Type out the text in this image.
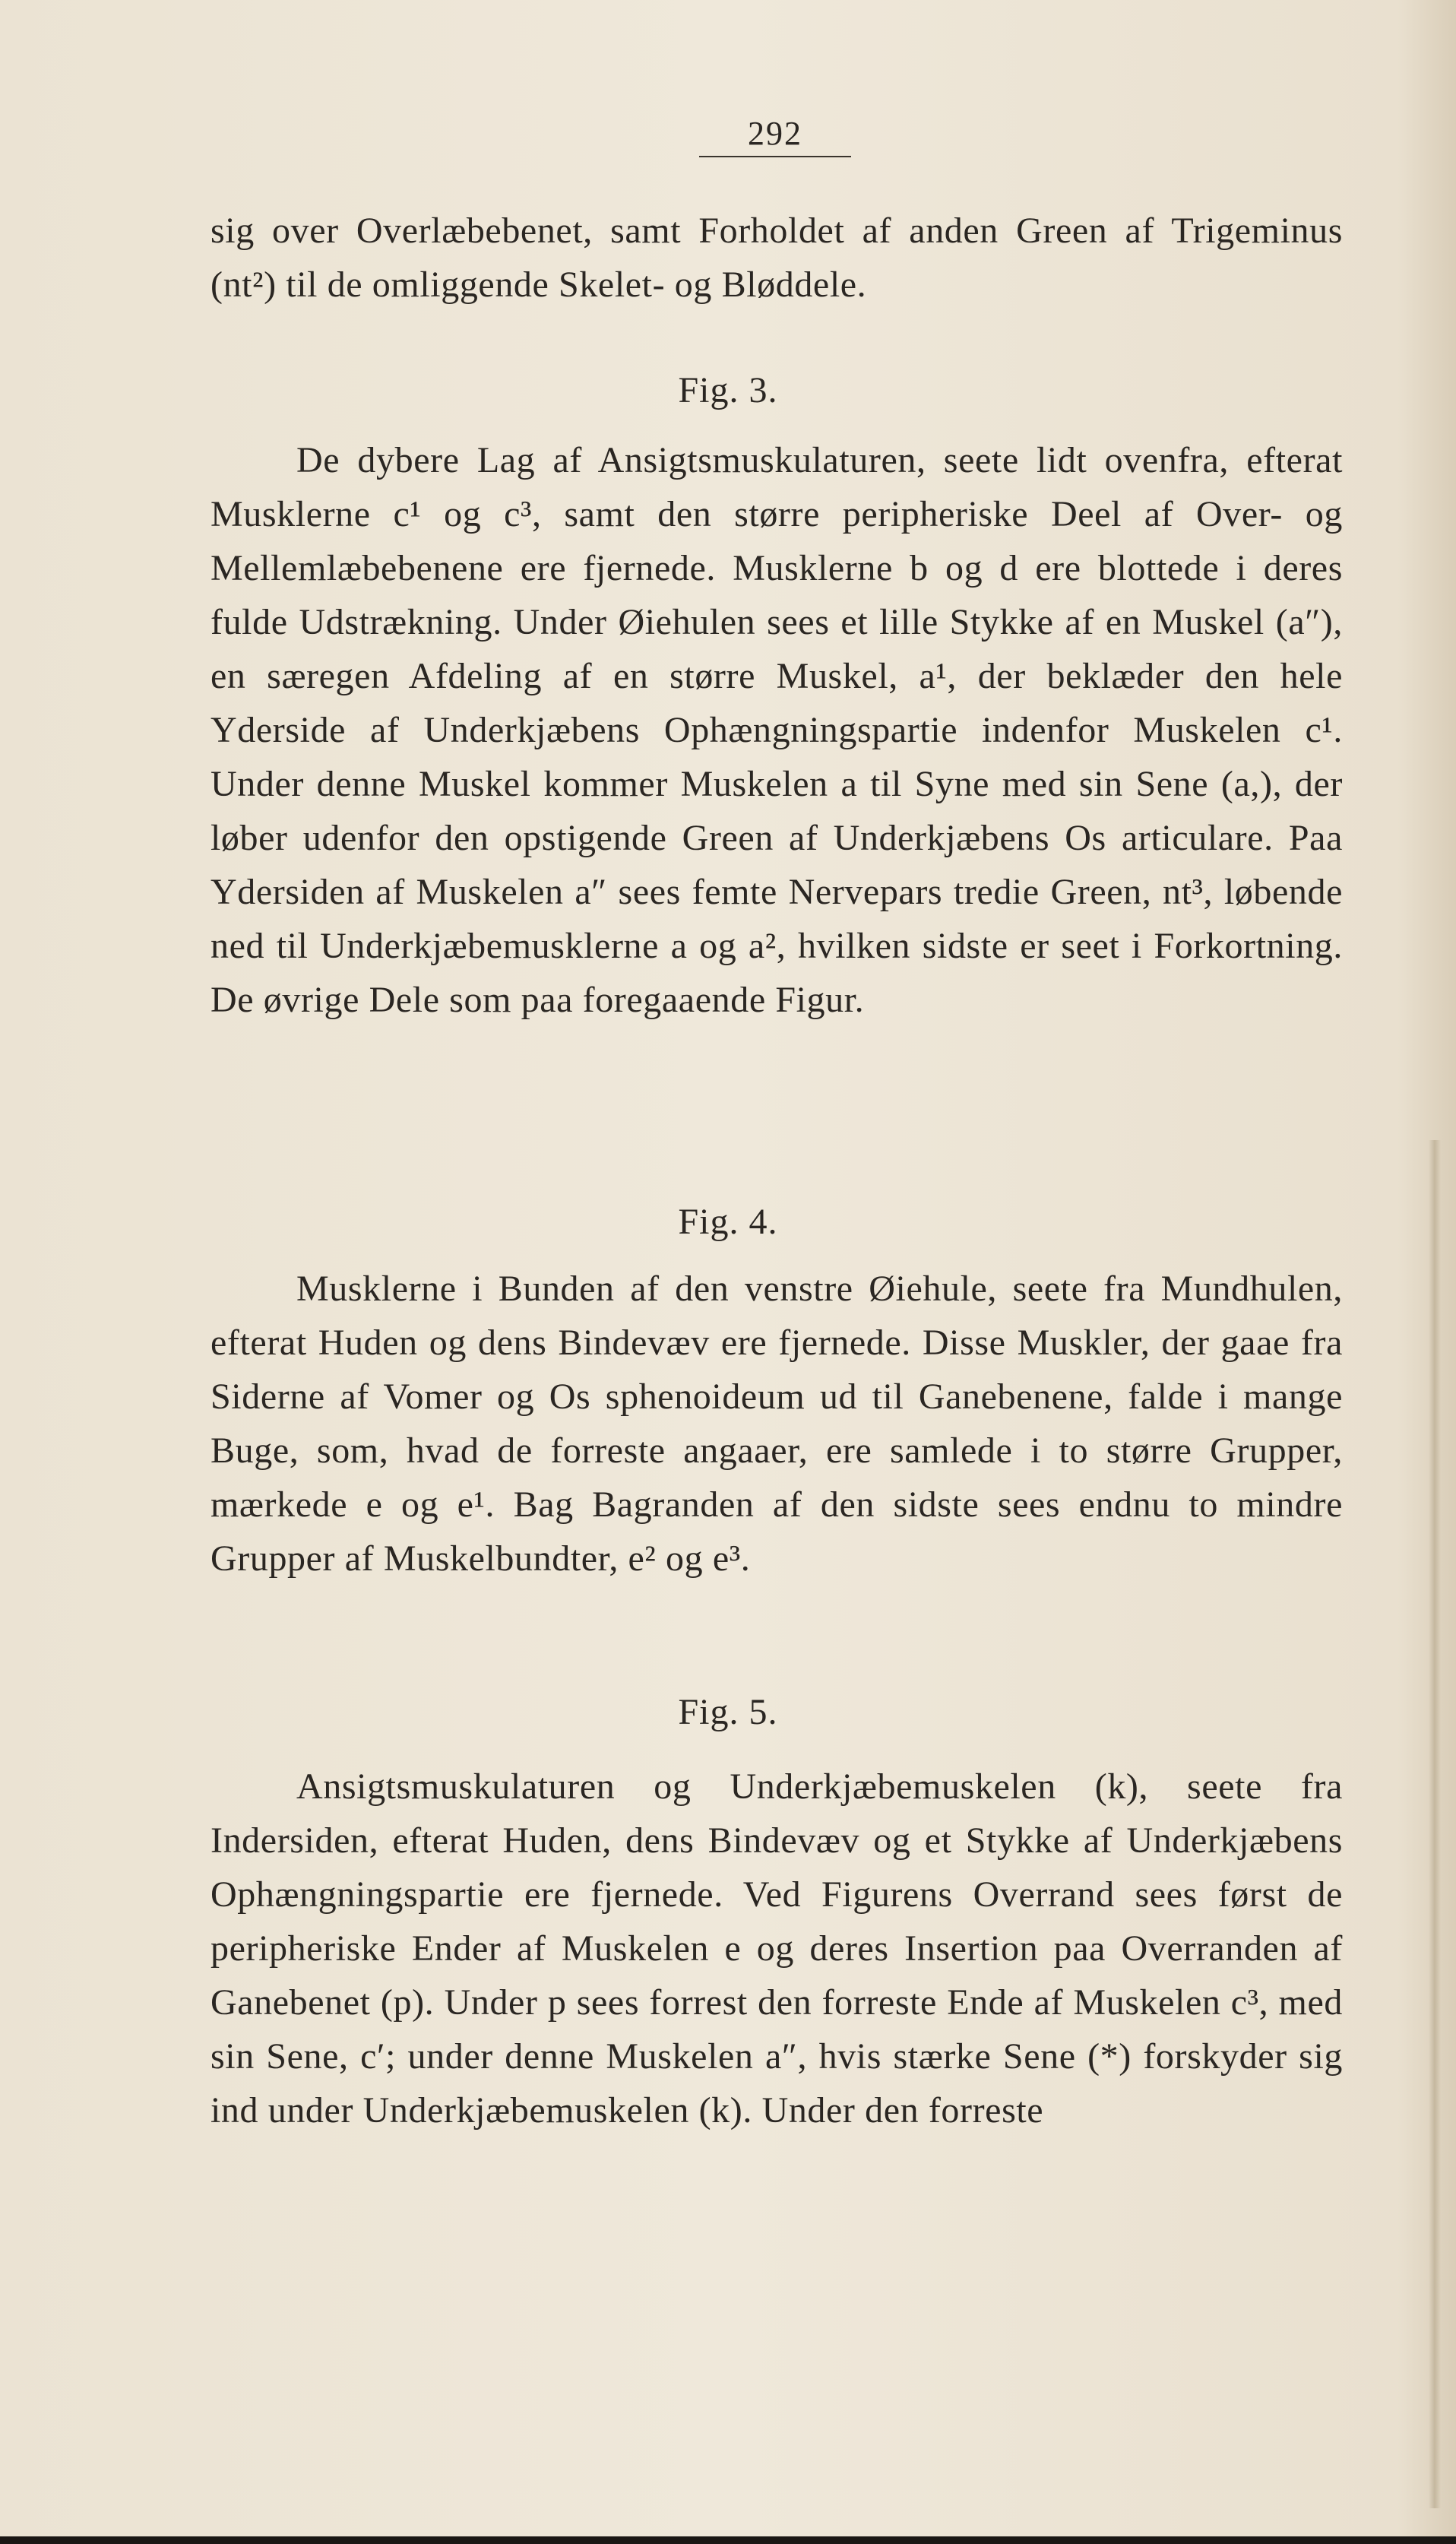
292

sig over Overlæbebenet, samt Forholdet af anden Green af Trigeminus (nt²) til de omliggende Skelet- og Bløddele.

Fig. 3.

De dybere Lag af Ansigtsmuskulaturen, seete lidt ovenfra, efterat Musklerne c¹ og c³, samt den større peripheriske Deel af Over- og Mellemlæbebenene ere fjernede. Musklerne b og d ere blottede i deres fulde Udstrækning. Under Øiehulen sees et lille Stykke af en Muskel (a″), en særegen Afdeling af en større Muskel, a¹, der beklæder den hele Yderside af Underkjæbens Ophængningspartie indenfor Muskelen c¹. Under denne Muskel kommer Muskelen a til Syne med sin Sene (a,), der løber udenfor den opstigende Green af Underkjæbens Os articulare. Paa Ydersiden af Muskelen a″ sees femte Nervepars tredie Green, nt³, løbende ned til Underkjæbemusklerne a og a², hvilken sidste er seet i Forkortning. De øvrige Dele som paa foregaaende Figur.

Fig. 4.

Musklerne i Bunden af den venstre Øiehule, seete fra Mundhulen, efterat Huden og dens Bindevæv ere fjernede. Disse Muskler, der gaae fra Siderne af Vomer og Os sphenoideum ud til Ganebenene, falde i mange Buge, som, hvad de forreste angaaer, ere samlede i to større Grupper, mærkede e og e¹. Bag Bagranden af den sidste sees endnu to mindre Grupper af Muskelbundter, e² og e³.

Fig. 5.

Ansigtsmuskulaturen og Underkjæbemuskelen (k), seete fra Indersiden, efterat Huden, dens Bindevæv og et Stykke af Underkjæbens Ophængningspartie ere fjernede. Ved Figurens Overrand sees først de peripheriske Ender af Muskelen e og deres Insertion paa Overranden af Ganebenet (p). Under p sees forrest den forreste Ende af Muskelen c³, med sin Sene, c′; under denne Muskelen a″, hvis stærke Sene (*) forskyder sig ind under Underkjæbemuskelen (k). Under den forreste
